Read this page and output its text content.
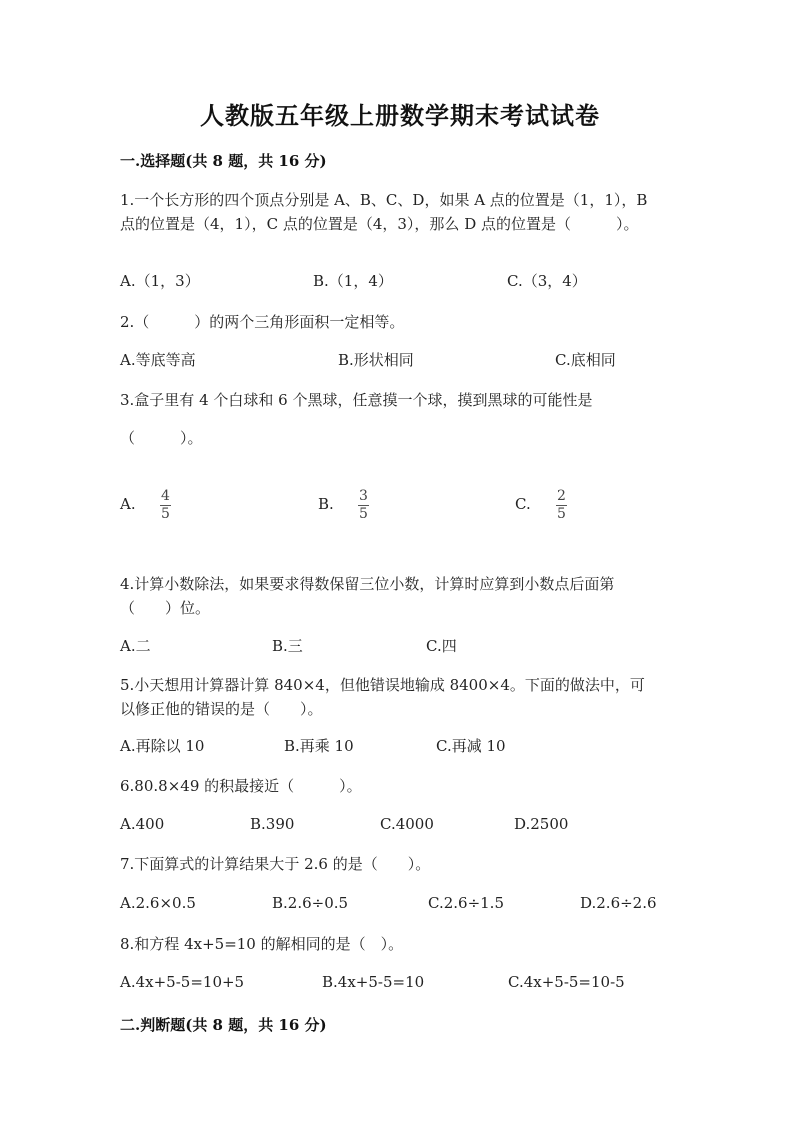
人教版五年级上册数学期末考试试卷
一.选择题(共 8 题，共 16 分)
1.一个长方形的四个顶点分别是 A、B、C、D，如果 A 点的位置是（1，1），B
点的位置是（4，1），C 点的位置是（4，3），那么 D 点的位置是（　　　）。
A.（1，3）	B.（1，4）	C.（3，4）
2.（　　　）的两个三角形面积一定相等。
A.等底等高	B.形状相同	C.底相同
3.盒子里有 4 个白球和 6 个黑球，任意摸一个球，摸到黑球的可能性是
（　　　）。
A. 4
5
B. 3
5
C. 2
5
4.计算小数除法，如果要求得数保留三位小数，计算时应算到小数点后面第
（　　）位。
A.二	B.三	C.四
5.小天想用计算器计算 840×4，但他错误地输成 8400×4。下面的做法中，可
以修正他的错误的是（　　）。
A.再除以 10	B.再乘 10	C.再减 10
6.80.8×49 的积最接近（　　　）。
A.400	B.390	C.4000	D.2500
7.下面算式的计算结果大于 2.6 的是（　　）。
A.2.6×0.5	B.2.6÷0.5	C.2.6÷1.5	D.2.6÷2.6
8.和方程 4x+5=10 的解相同的是（　）。
A.4x+5-5=10+5	B.4x+5-5=10	C.4x+5-5=10-5
二.判断题(共 8 题，共 16 分)
